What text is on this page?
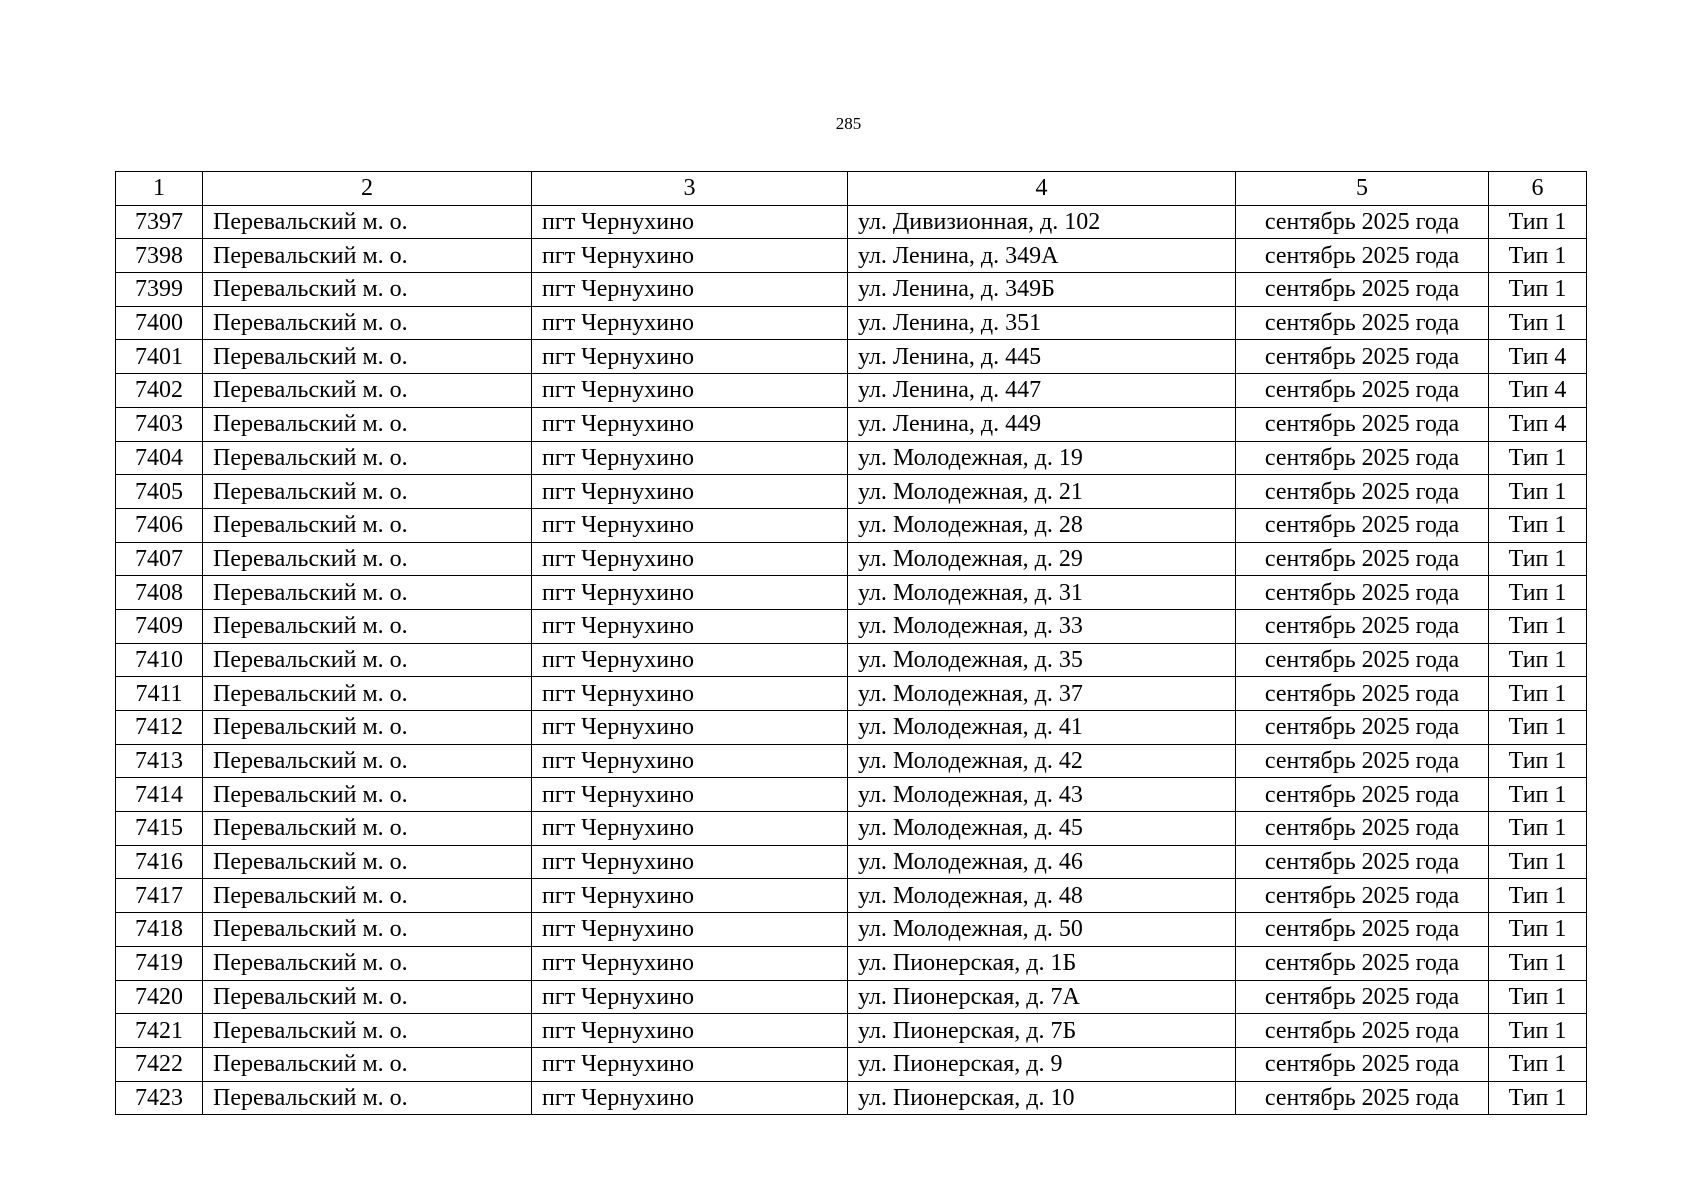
285
1	2	3	4	5	6
7397	Перевальский м. о.	пгт Чернухино	ул. Дивизионная, д. 102	сентябрь 2025 года	Тип 1
7398	Перевальский м. о.	пгт Чернухино	ул. Ленина, д. 349А	сентябрь 2025 года	Тип 1
7399	Перевальский м. о.	пгт Чернухино	ул. Ленина, д. 349Б	сентябрь 2025 года	Тип 1
7400	Перевальский м. о.	пгт Чернухино	ул. Ленина, д. 351	сентябрь 2025 года	Тип 1
7401	Перевальский м. о.	пгт Чернухино	ул. Ленина, д. 445	сентябрь 2025 года	Тип 4
7402	Перевальский м. о.	пгт Чернухино	ул. Ленина, д. 447	сентябрь 2025 года	Тип 4
7403	Перевальский м. о.	пгт Чернухино	ул. Ленина, д. 449	сентябрь 2025 года	Тип 4
7404	Перевальский м. о.	пгт Чернухино	ул. Молодежная, д. 19	сентябрь 2025 года	Тип 1
7405	Перевальский м. о.	пгт Чернухино	ул. Молодежная, д. 21	сентябрь 2025 года	Тип 1
7406	Перевальский м. о.	пгт Чернухино	ул. Молодежная, д. 28	сентябрь 2025 года	Тип 1
7407	Перевальский м. о.	пгт Чернухино	ул. Молодежная, д. 29	сентябрь 2025 года	Тип 1
7408	Перевальский м. о.	пгт Чернухино	ул. Молодежная, д. 31	сентябрь 2025 года	Тип 1
7409	Перевальский м. о.	пгт Чернухино	ул. Молодежная, д. 33	сентябрь 2025 года	Тип 1
7410	Перевальский м. о.	пгт Чернухино	ул. Молодежная, д. 35	сентябрь 2025 года	Тип 1
7411	Перевальский м. о.	пгт Чернухино	ул. Молодежная, д. 37	сентябрь 2025 года	Тип 1
7412	Перевальский м. о.	пгт Чернухино	ул. Молодежная, д. 41	сентябрь 2025 года	Тип 1
7413	Перевальский м. о.	пгт Чернухино	ул. Молодежная, д. 42	сентябрь 2025 года	Тип 1
7414	Перевальский м. о.	пгт Чернухино	ул. Молодежная, д. 43	сентябрь 2025 года	Тип 1
7415	Перевальский м. о.	пгт Чернухино	ул. Молодежная, д. 45	сентябрь 2025 года	Тип 1
7416	Перевальский м. о.	пгт Чернухино	ул. Молодежная, д. 46	сентябрь 2025 года	Тип 1
7417	Перевальский м. о.	пгт Чернухино	ул. Молодежная, д. 48	сентябрь 2025 года	Тип 1
7418	Перевальский м. о.	пгт Чернухино	ул. Молодежная, д. 50	сентябрь 2025 года	Тип 1
7419	Перевальский м. о.	пгт Чернухино	ул. Пионерская, д. 1Б	сентябрь 2025 года	Тип 1
7420	Перевальский м. о.	пгт Чернухино	ул. Пионерская, д. 7А	сентябрь 2025 года	Тип 1
7421	Перевальский м. о.	пгт Чернухино	ул. Пионерская, д. 7Б	сентябрь 2025 года	Тип 1
7422	Перевальский м. о.	пгт Чернухино	ул. Пионерская, д. 9	сентябрь 2025 года	Тип 1
7423	Перевальский м. о.	пгт Чернухино	ул. Пионерская, д. 10	сентябрь 2025 года	Тип 1
